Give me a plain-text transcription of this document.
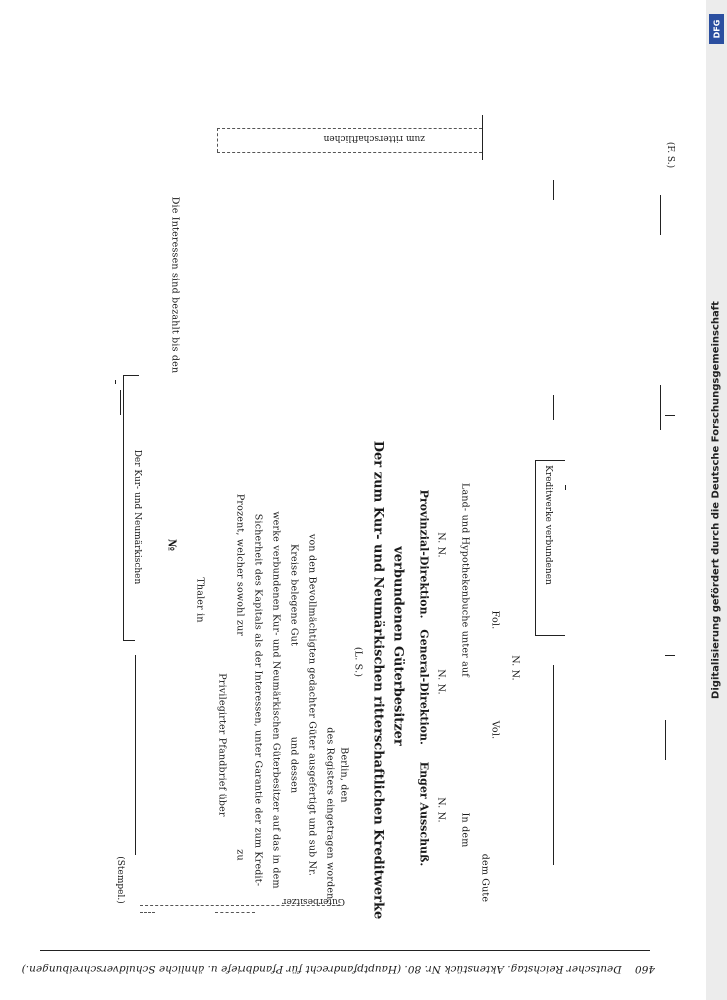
460    Deutscher Reichstag. Aktenstück Nr. 80. (Hauptpfandrecht für Pfandbriefe u. ähnliche Schuldverschreibungen.)
(Stempel.)	Güterbesitzer
(F. S.)
zum ritterschaftlichen
Die Interessen sind bezahlt bis den
Der Kur- und Neumärkischen №
Thaler in
Privilegirter Pfandbrief über
zu
Prozent, welcher sowohl zur Sicherheit des Kapitals als der Interessen, unter Garantie der zum Kredit- werke verbundenen Kur- und Neumärkischen Güterbesitzer auf das in dem und dessen
Kreise belegene Gut von den Bevollmächtigten gedachter Güter ausgefertigt und sub Nr. des Registers eingetragen worden. Berlin, den
(L. S.) Der zum Kur- und Neumärkischen ritterschaftlichen Kreditwerke verbundenen Güterbesitzer
Enger Ausschuß.
General-Direktion.
Provinzial-Direktion.
N. N.
N. N.
N. N.
In dem
Land- und Hypothekenbuche unter auf
dem Gute
Vol.
Fol.
N. N.
Kreditwerke verbundenen	Digitalisierung gefördert durch die Deutsche Forschungsgemeinschaft
DFG
